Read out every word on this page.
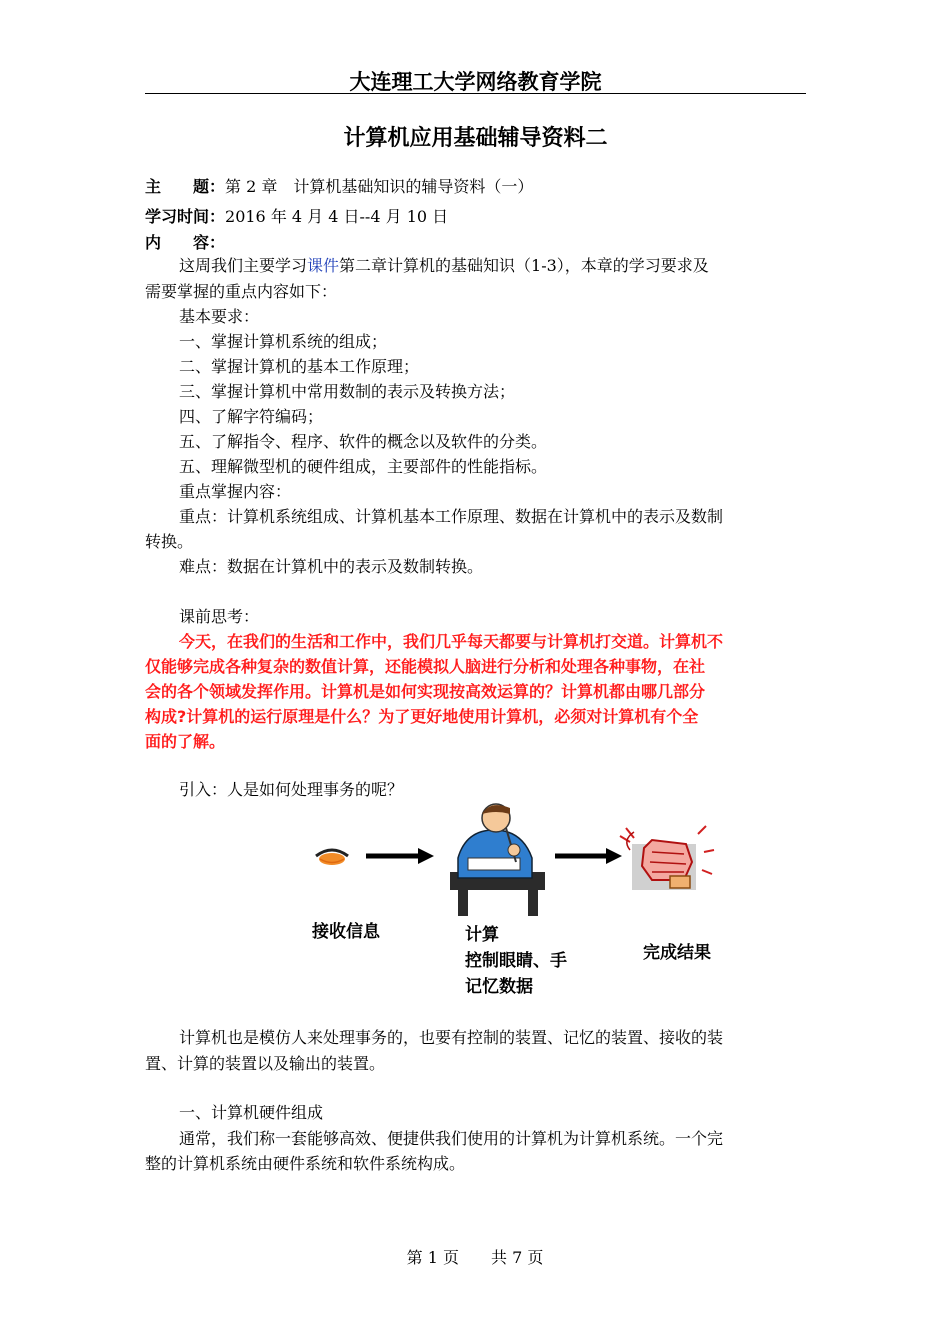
大连理工大学网络教育学院
计算机应用基础辅导资料二
主　　题：第 2 章　计算机基础知识的辅导资料（一）
学习时间：2016 年 4 月 4 日--4 月 10 日
内　　容：
这周我们主要学习课件第二章计算机的基础知识（1-3），本章的学习要求及
需要掌握的重点内容如下：
基本要求：
一、掌握计算机系统的组成；
二、掌握计算机的基本工作原理；
三、掌握计算机中常用数制的表示及转换方法；
四、了解字符编码；
五、了解指令、程序、软件的概念以及软件的分类。
五、理解微型机的硬件组成，主要部件的性能指标。
重点掌握内容：
重点：计算机系统组成、计算机基本工作原理、数据在计算机中的表示及数制
转换。
难点：数据在计算机中的表示及数制转换。
课前思考：
今天，在我们的生活和工作中，我们几乎每天都要与计算机打交道。计算机不
仅能够完成各种复杂的数值计算，还能模拟人脑进行分析和处理各种事物，在社
会的各个领域发挥作用。计算机是如何实现按高效运算的？计算机都由哪几部分
构成?计算机的运行原理是什么？为了更好地使用计算机，必须对计算机有个全
面的了解。
引入：人是如何处理事务的呢？
接收信息	计算
控制眼睛、手
记忆数据
完成结果
计算机也是模仿人来处理事务的，也要有控制的装置、记忆的装置、接收的装
置、计算的装置以及输出的装置。
一、计算机硬件组成
通常，我们称一套能够高效、便捷供我们使用的计算机为计算机系统。一个完
整的计算机系统由硬件系统和软件系统构成。
第 1 页　　共 7 页
